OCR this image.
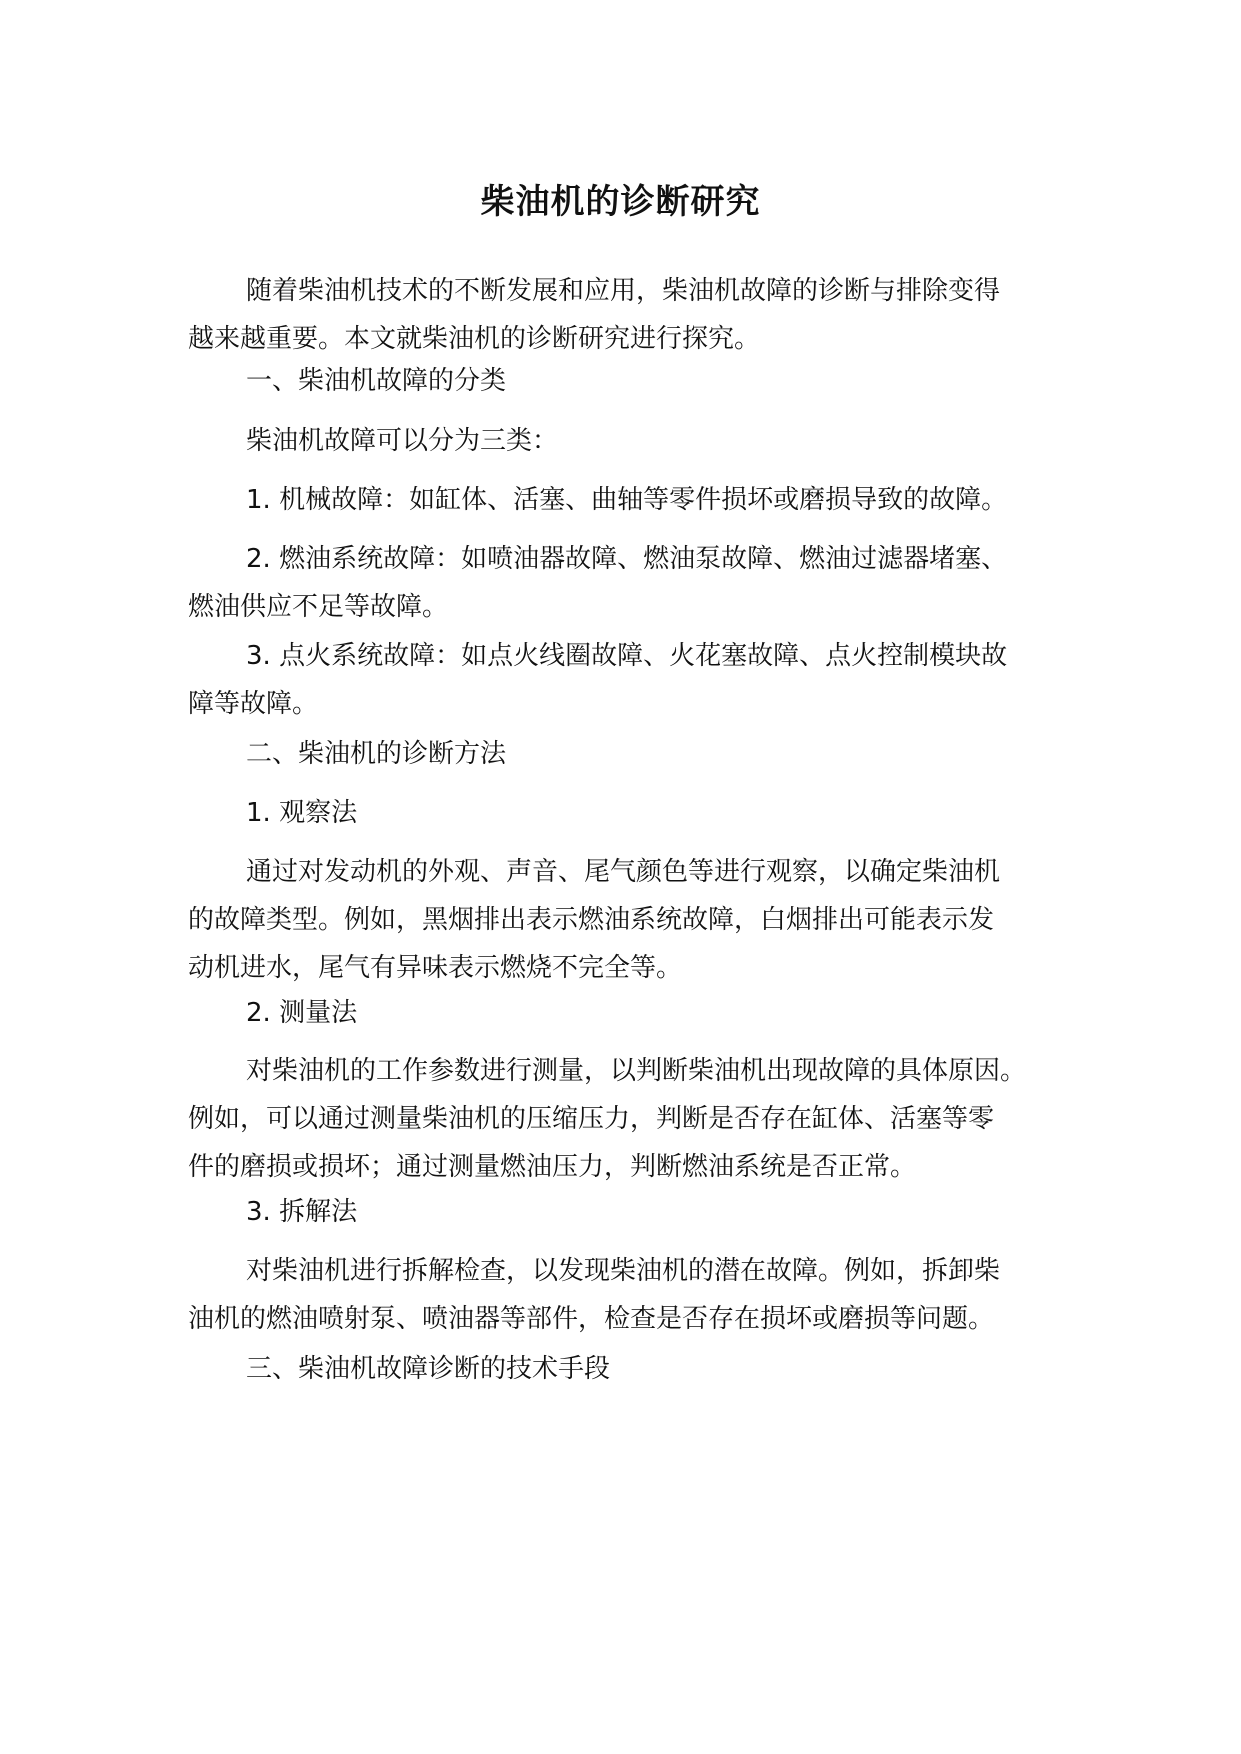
柴油机的诊断研究
随着柴油机技术的不断发展和应用，柴油机故障的诊断与排除变得
越来越重要。本文就柴油机的诊断研究进行探究。
一、柴油机故障的分类
柴油机故障可以分为三类：
1. 机械故障：如缸体、活塞、曲轴等零件损坏或磨损导致的故障。
2. 燃油系统故障：如喷油器故障、燃油泵故障、燃油过滤器堵塞、
燃油供应不足等故障。
3. 点火系统故障：如点火线圈故障、火花塞故障、点火控制模块故
障等故障。
二、柴油机的诊断方法
1. 观察法
通过对发动机的外观、声音、尾气颜色等进行观察，以确定柴油机
的故障类型。例如，黑烟排出表示燃油系统故障，白烟排出可能表示发
动机进水，尾气有异味表示燃烧不完全等。
2. 测量法
对柴油机的工作参数进行测量，以判断柴油机出现故障的具体原因。
例如，可以通过测量柴油机的压缩压力，判断是否存在缸体、活塞等零
件的磨损或损坏；通过测量燃油压力，判断燃油系统是否正常。
3. 拆解法
对柴油机进行拆解检查，以发现柴油机的潜在故障。例如，拆卸柴
油机的燃油喷射泵、喷油器等部件，检查是否存在损坏或磨损等问题。
三、柴油机故障诊断的技术手段
